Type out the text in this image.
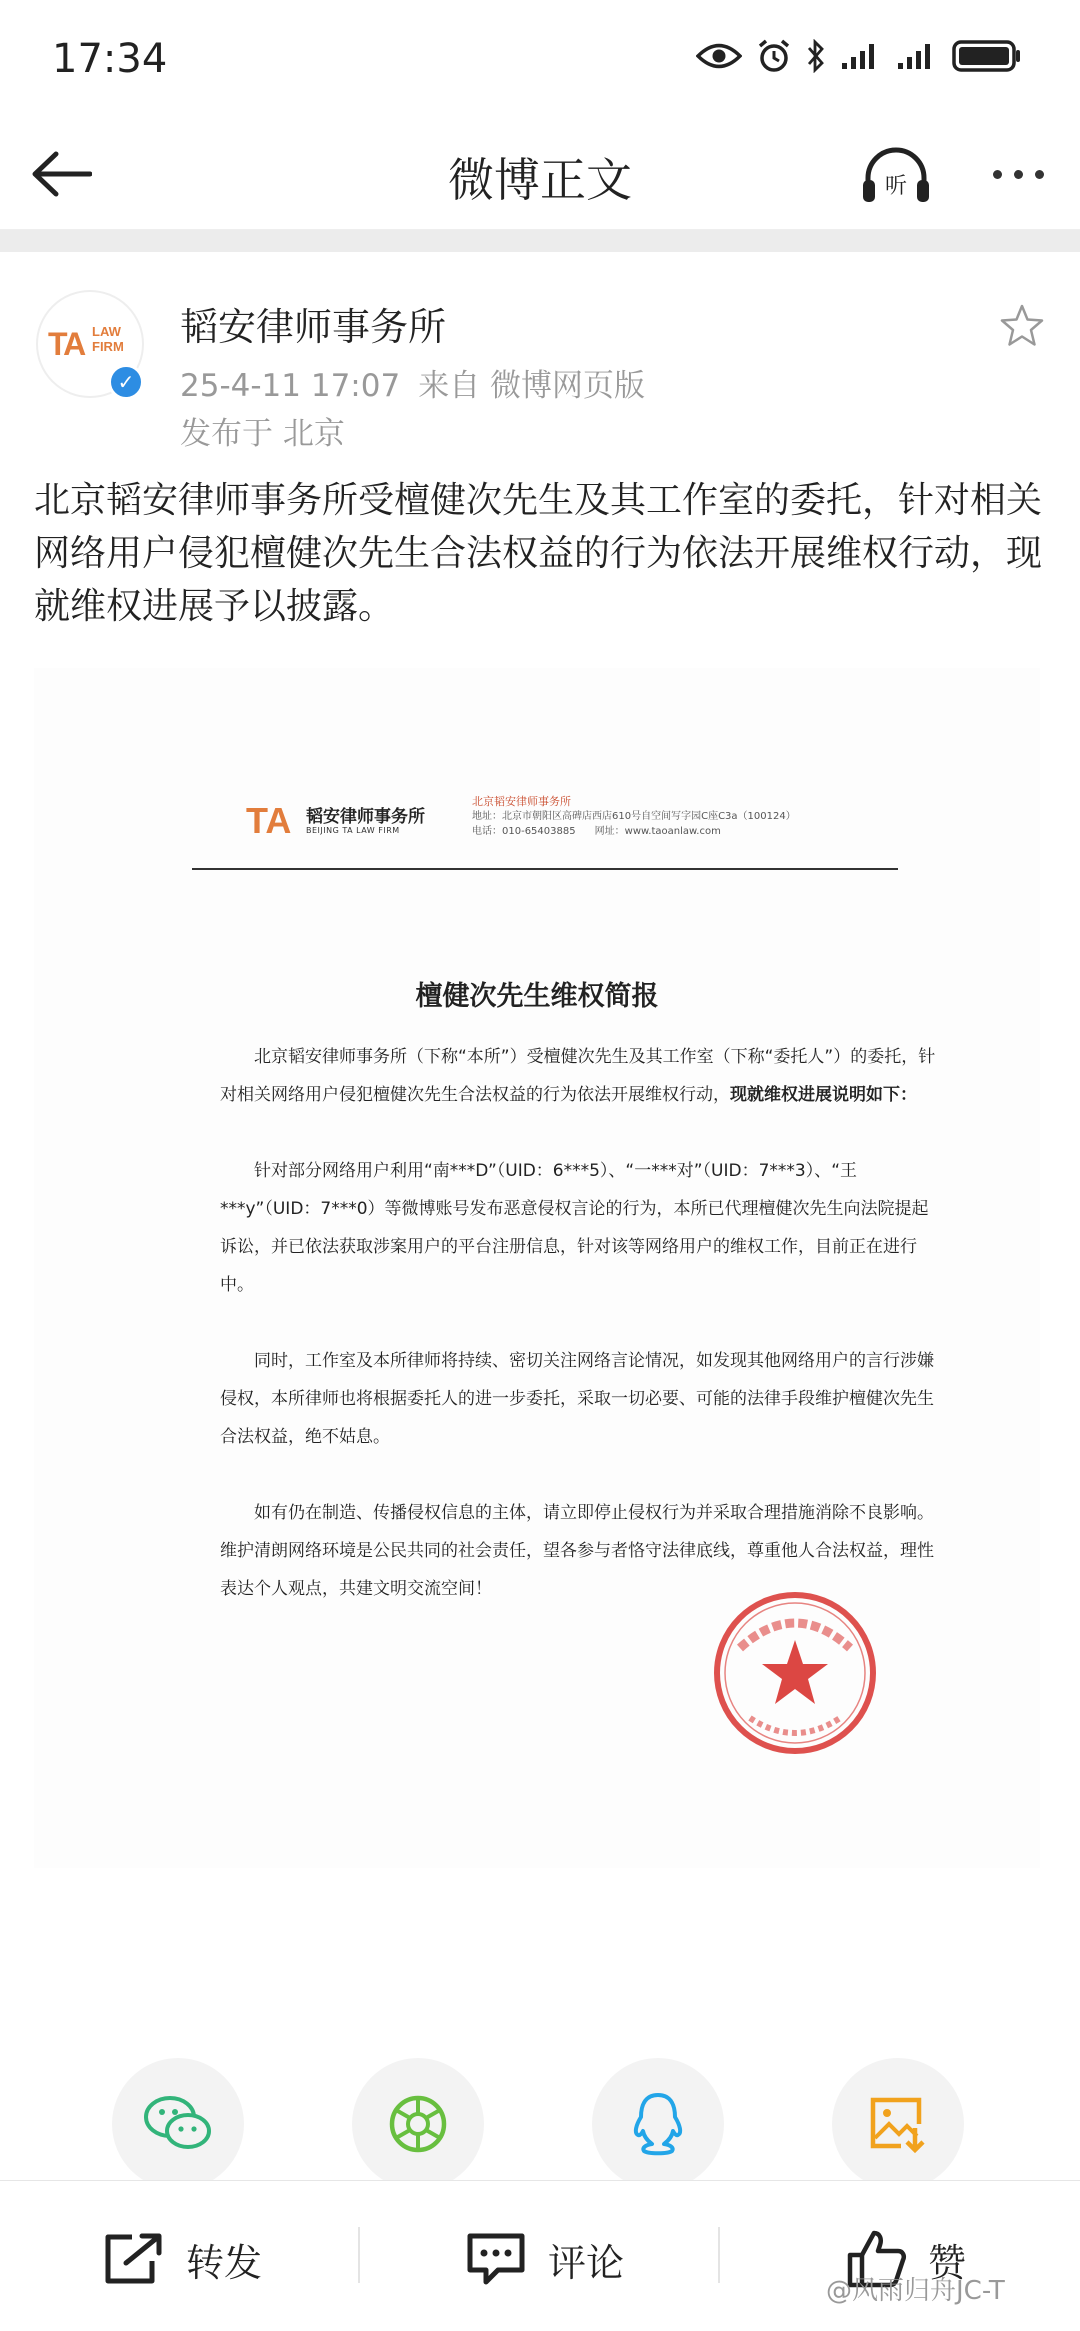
17:34
微博正文	听
TA LAW FIRM
✓
韬安律师事务所
25-4-11 17:07 来自 微博网页版
发布于 北京
北京韬安律师事务所受檀健次先生及其工作室的委托，针对相关网络用户侵犯檀健次先生合法权益的行为依法开展维权行动，现就维权进展予以披露。
TA 韬安律师事务所
BEIJING TA LAW FIRM
北京韬安律师事务所
地址：北京市朝阳区高碑店西店610号自空间写字园C座C3a（100124）
电话：010-65403885 网址：www.taoanlaw.com
檀健次先生维权简报

北京韬安律师事务所（下称“本所”）受檀健次先生及其工作室（下称“委托人”）的委托，针对相关网络用户侵犯檀健次先生合法权益的行为依法开展维权行动，现就维权进展说明如下：

针对部分网络用户利用“南***D”（UID：6***5）、“一***对”（UID：7***3）、“王***y”（UID：7***0）等微博账号发布恶意侵权言论的行为，本所已代理檀健次先生向法院提起诉讼，并已依法获取涉案用户的平台注册信息，针对该等网络用户的维权工作，目前正在进行中。

同时，工作室及本所律师将持续、密切关注网络言论情况，如发现其他网络用户的言行涉嫌侵权，本所律师也将根据委托人的进一步委托，采取一切必要、可能的法律手段维护檀健次先生合法权益，绝不姑息。

如有仍在制造、传播侵权信息的主体，请立即停止侵权行为并采取合理措施消除不良影响。维护清朗网络环境是公民共同的社会责任，望各参与者恪守法律底线，尊重他人合法权益，理性表达个人观点，共建文明交流空间！

转发	评论	赞
@风雨归舟JC-T
